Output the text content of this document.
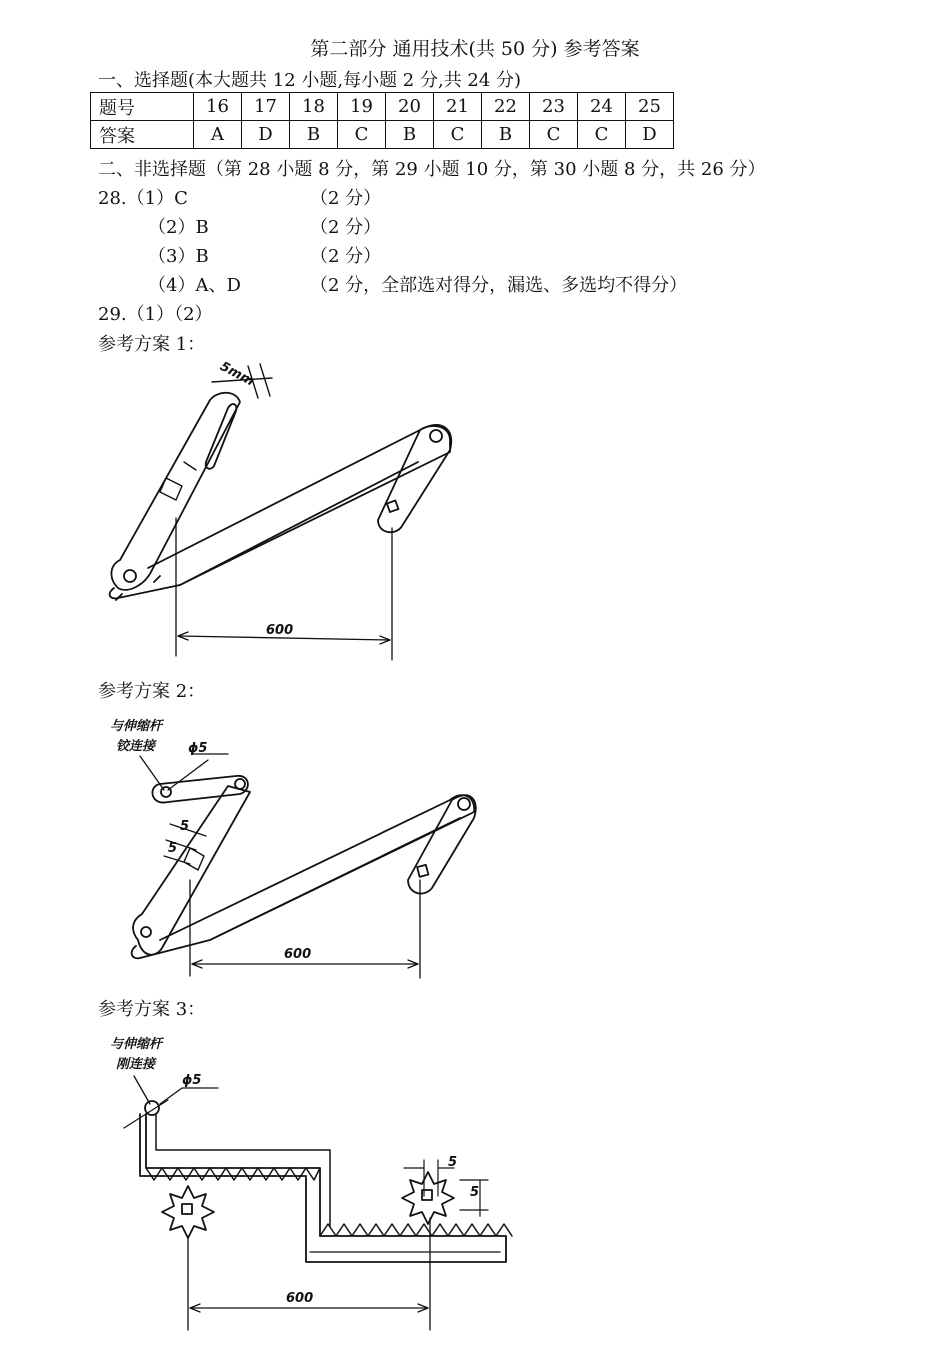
第二部分 通用技术(共 50 分) 参考答案
一、选择题(本大题共 12 小题,每小题 2 分,共 24 分)
题号	16	17	18	19	20	21	22	23	24	25
答案	A	D	B	C	B	C	B	C	C	D
二、非选择题（第 28 小题 8 分，第 29 小题 10 分，第 30 小题 8 分，共 26 分）
28.（1）C	（2 分）
（2）B	（2 分）
（3）B	（2 分）
（4）A、D	（2 分，全部选对得分，漏选、多选均不得分）
29.（1）（2）
参考方案 1：
参考方案 2：
参考方案 3：
5mm
600
与伸缩杆
铰连接	ϕ5
5
5
600
与伸缩杆
刚连接
ϕ5
5
5
600
